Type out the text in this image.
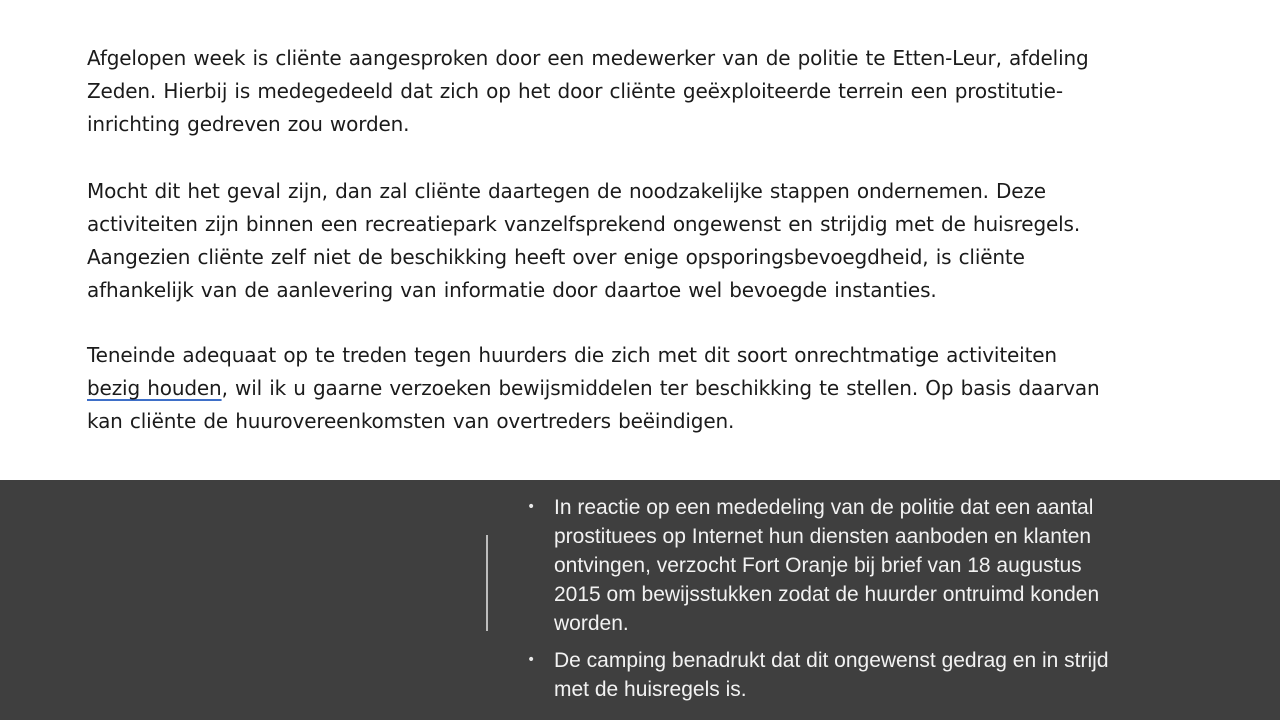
Afgelopen week is cliënte aangesproken door een medewerker van de politie te Etten-Leur, afdeling
Zeden. Hierbij is medegedeeld dat zich op het door cliënte geëxploiteerde terrein een prostitutie-
inrichting gedreven zou worden.

Mocht dit het geval zijn, dan zal cliënte daartegen de noodzakelijke stappen ondernemen. Deze
activiteiten zijn binnen een recreatiepark vanzelfsprekend ongewenst en strijdig met de huisregels.
Aangezien cliënte zelf niet de beschikking heeft over enige opsporingsbevoegdheid, is cliënte
afhankelijk van de aanlevering van informatie door daartoe wel bevoegde instanties.

Teneinde adequaat op te treden tegen huurders die zich met dit soort onrechtmatige activiteiten
bezig houden, wil ik u gaarne verzoeken bewijsmiddelen ter beschikking te stellen. Op basis daarvan
kan cliënte de huurovereenkomsten van overtreders beëindigen.

• In reactie op een mededeling van de politie dat een aantal
prostituees op Internet hun diensten aanboden en klanten
ontvingen, verzocht Fort Oranje bij brief van 18 augustus
2015 om bewijsstukken zodat de huurder ontruimd konden
worden.
• De camping benadrukt dat dit ongewenst gedrag en in strijd
met de huisregels is.
